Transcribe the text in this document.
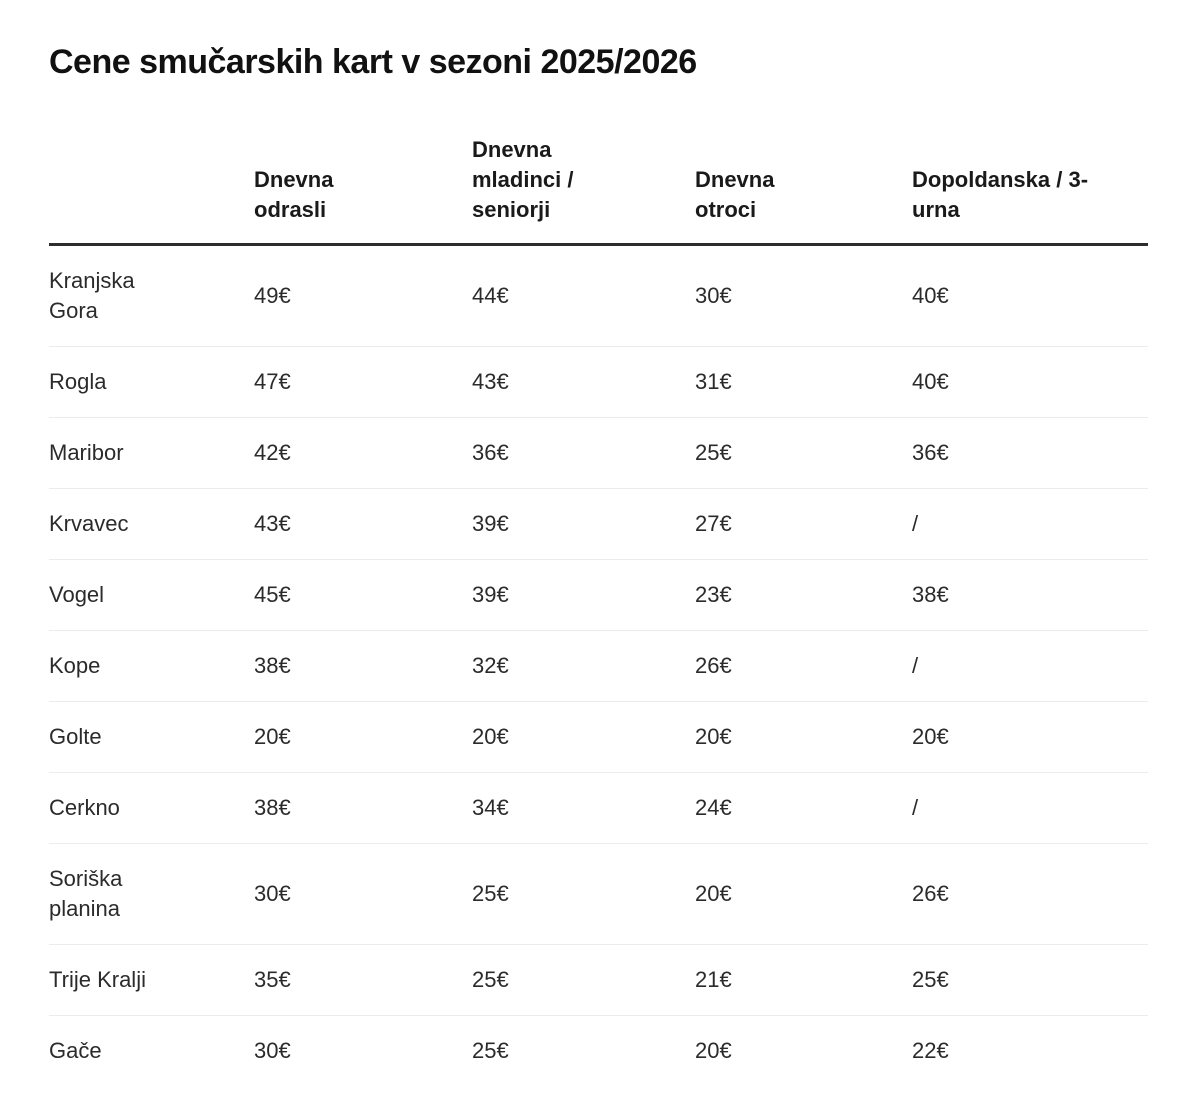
Cene smučarskih kart v sezoni 2025/2026

	Dnevna odrasli	Dnevna mladinci / seniorji	Dnevna otroci	Dopoldanska / 3-urna

Kranjska Gora	49€	44€	30€	40€

Rogla	47€	43€	31€	40€

Maribor	42€	36€	25€	36€

Krvavec	43€	39€	27€	/

Vogel	45€	39€	23€	38€

Kope	38€	32€	26€	/

Golte	20€	20€	20€	20€

Cerkno	38€	34€	24€	/

Soriška planina	30€	25€	20€	26€

Trije Kralji	35€	25€	21€	25€

Gače	30€	25€	20€	22€
